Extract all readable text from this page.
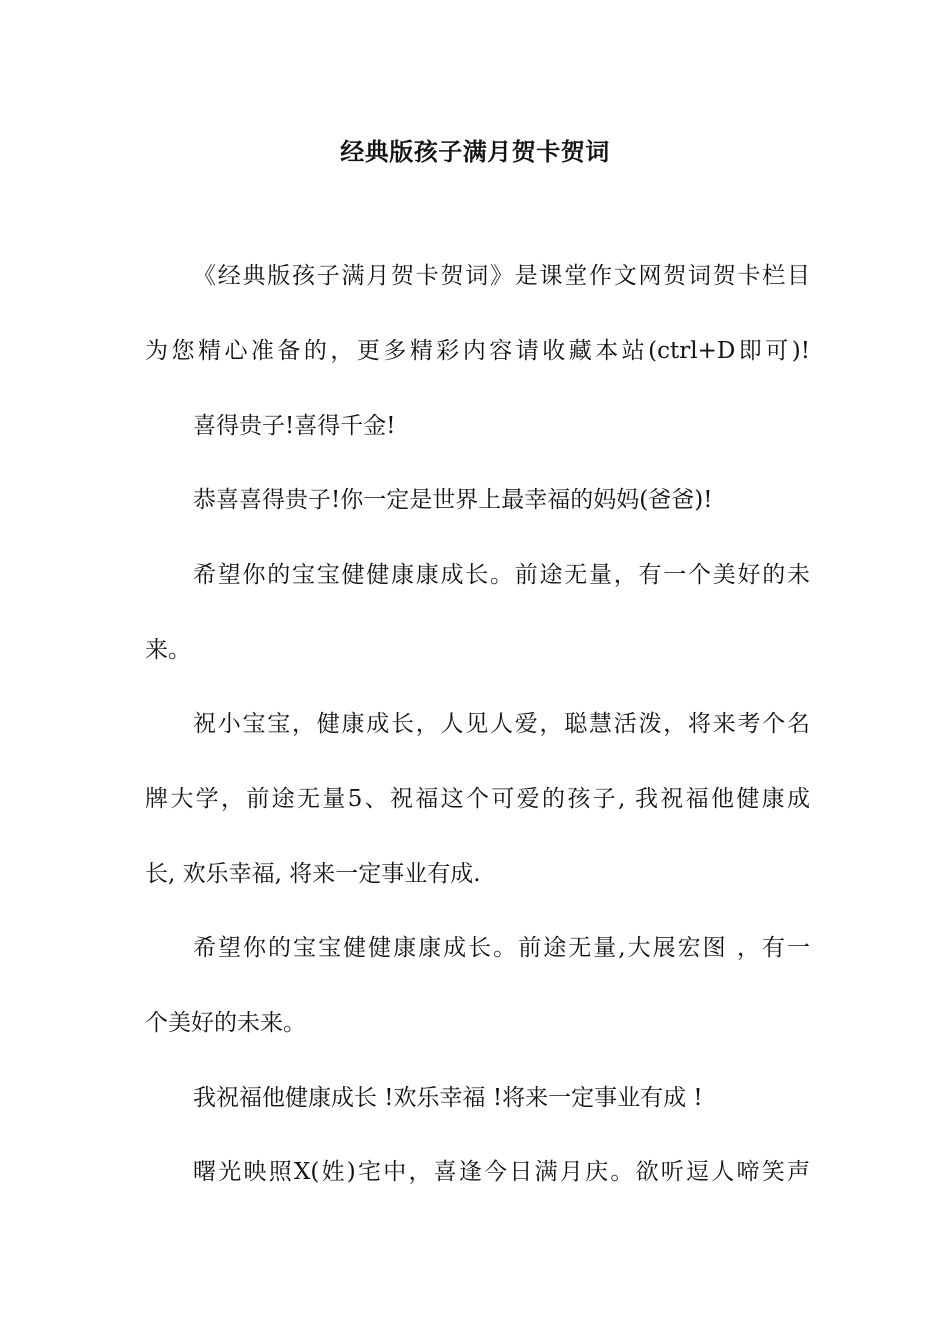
经典版孩子满月贺卡贺词
《经典版孩子满月贺卡贺词》是课堂作文网贺词贺卡栏目
为您精心准备的，更多精彩内容请收藏本站(ctrl+D即可)!
喜得贵子!喜得千金!
恭喜喜得贵子!你一定是世界上最幸福的妈妈(爸爸)!
希望你的宝宝健健康康成长。前途无量，有一个美好的未
来。
祝小宝宝，健康成长，人见人爱，聪慧活泼，将来考个名
牌大学，前途无量5、祝福这个可爱的孩子, 我祝福他健康成
长, 欢乐幸福, 将来一定事业有成.
希望你的宝宝健健康康成长。前途无量,大展宏图 ，有一
个美好的未来。
我祝福他健康成长 !欢乐幸福 !将来一定事业有成 !
曙光映照X(姓)宅中，喜逢今日满月庆。欲听逗人啼笑声
